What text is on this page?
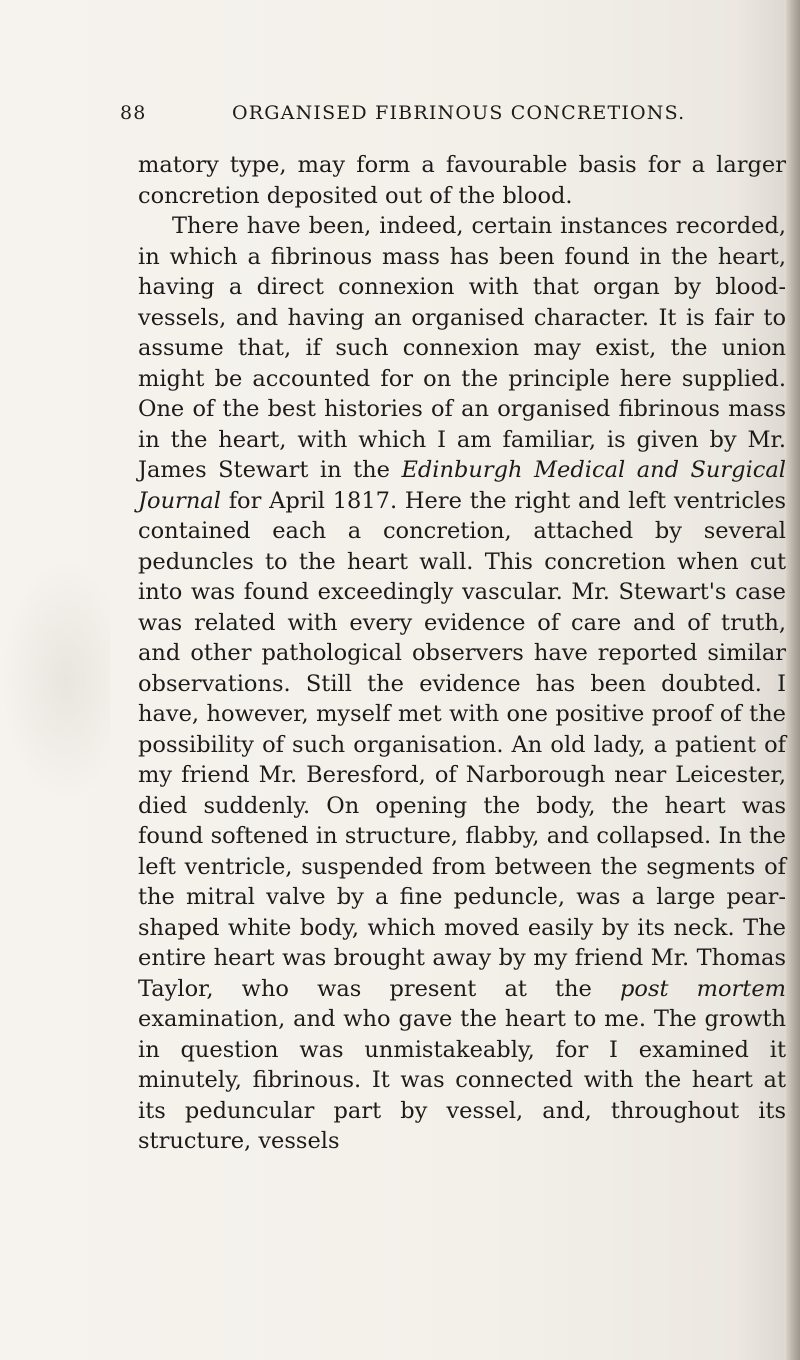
88	ORGANISED FIBRINOUS CONCRETIONS.

matory type, may form a favourable basis for a larger concretion deposited out of the blood.

There have been, indeed, certain instances recorded, in which a fibrinous mass has been found in the heart, having a direct connexion with that organ by blood-vessels, and having an organised character. It is fair to assume that, if such connexion may exist, the union might be accounted for on the principle here supplied. One of the best histories of an organised fibrinous mass in the heart, with which I am familiar, is given by Mr. James Stewart in the Edinburgh Medical and Surgical Journal for April 1817. Here the right and left ventricles contained each a concretion, attached by several peduncles to the heart wall. This concretion when cut into was found exceedingly vascular. Mr. Stewart's case was related with every evidence of care and of truth, and other pathological observers have reported similar observations. Still the evidence has been doubted. I have, however, myself met with one positive proof of the possibility of such organisation. An old lady, a patient of my friend Mr. Beresford, of Narborough near Leicester, died suddenly. On opening the body, the heart was found softened in structure, flabby, and collapsed. In the left ventricle, suspended from between the segments of the mitral valve by a fine peduncle, was a large pear-shaped white body, which moved easily by its neck. The entire heart was brought away by my friend Mr. Thomas Taylor, who was present at the post mortem examination, and who gave the heart to me. The growth in question was unmistakeably, for I examined it minutely, fibrinous. It was connected with the heart at its peduncular part by vessel, and, throughout its structure, vessels
